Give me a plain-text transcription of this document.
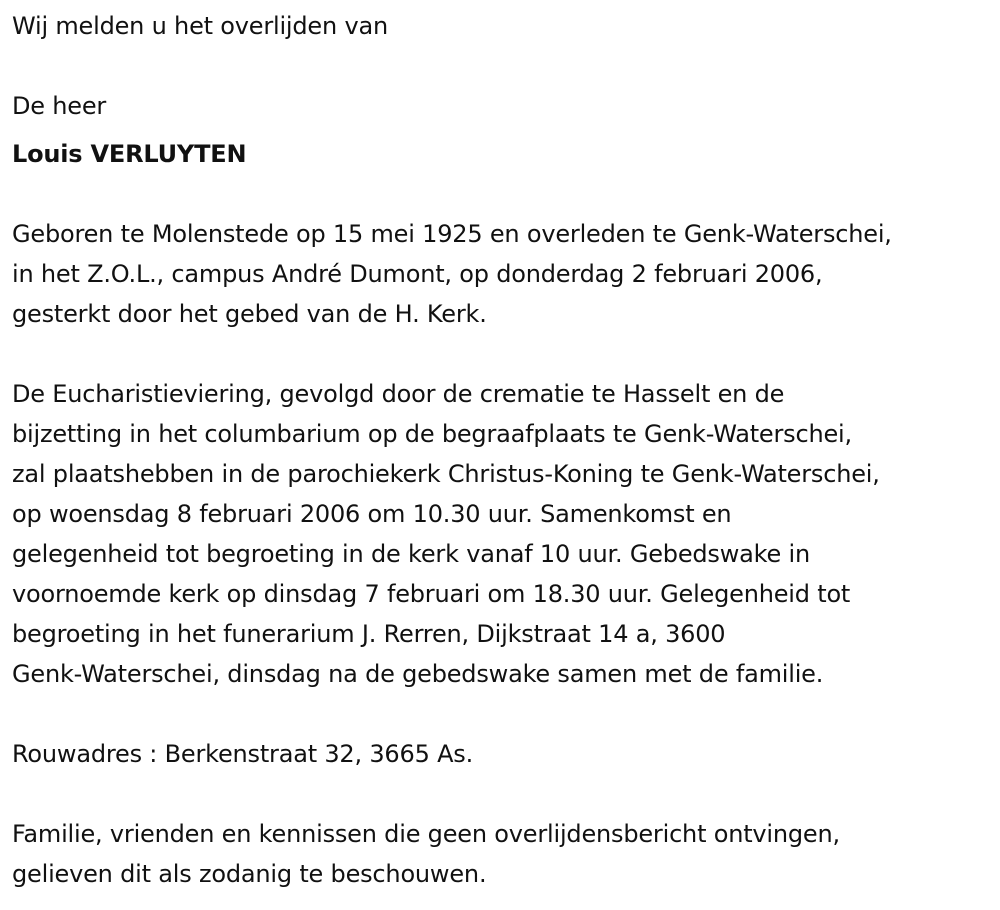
Wij melden u het overlijden van
De heer
Louis VERLUYTEN
Geboren te Molenstede op 15 mei 1925 en overleden te Genk-Waterschei,
in het Z.O.L., campus André Dumont, op donderdag 2 februari 2006,
gesterkt door het gebed van de H. Kerk.
De Eucharistieviering, gevolgd door de crematie te Hasselt en de
bijzetting in het columbarium op de begraafplaats te Genk-Waterschei,
zal plaatshebben in de parochiekerk Christus-Koning te Genk-Waterschei,
op woensdag 8 februari 2006 om 10.30 uur. Samenkomst en
gelegenheid tot begroeting in de kerk vanaf 10 uur. Gebedswake in
voornoemde kerk op dinsdag 7 februari om 18.30 uur. Gelegenheid tot
begroeting in het funerarium J. Rerren, Dijkstraat 14 a, 3600
Genk-Waterschei, dinsdag na de gebedswake samen met de familie.
Rouwadres : Berkenstraat 32, 3665 As.
Familie, vrienden en kennissen die geen overlijdensbericht ontvingen,
gelieven dit als zodanig te beschouwen.
